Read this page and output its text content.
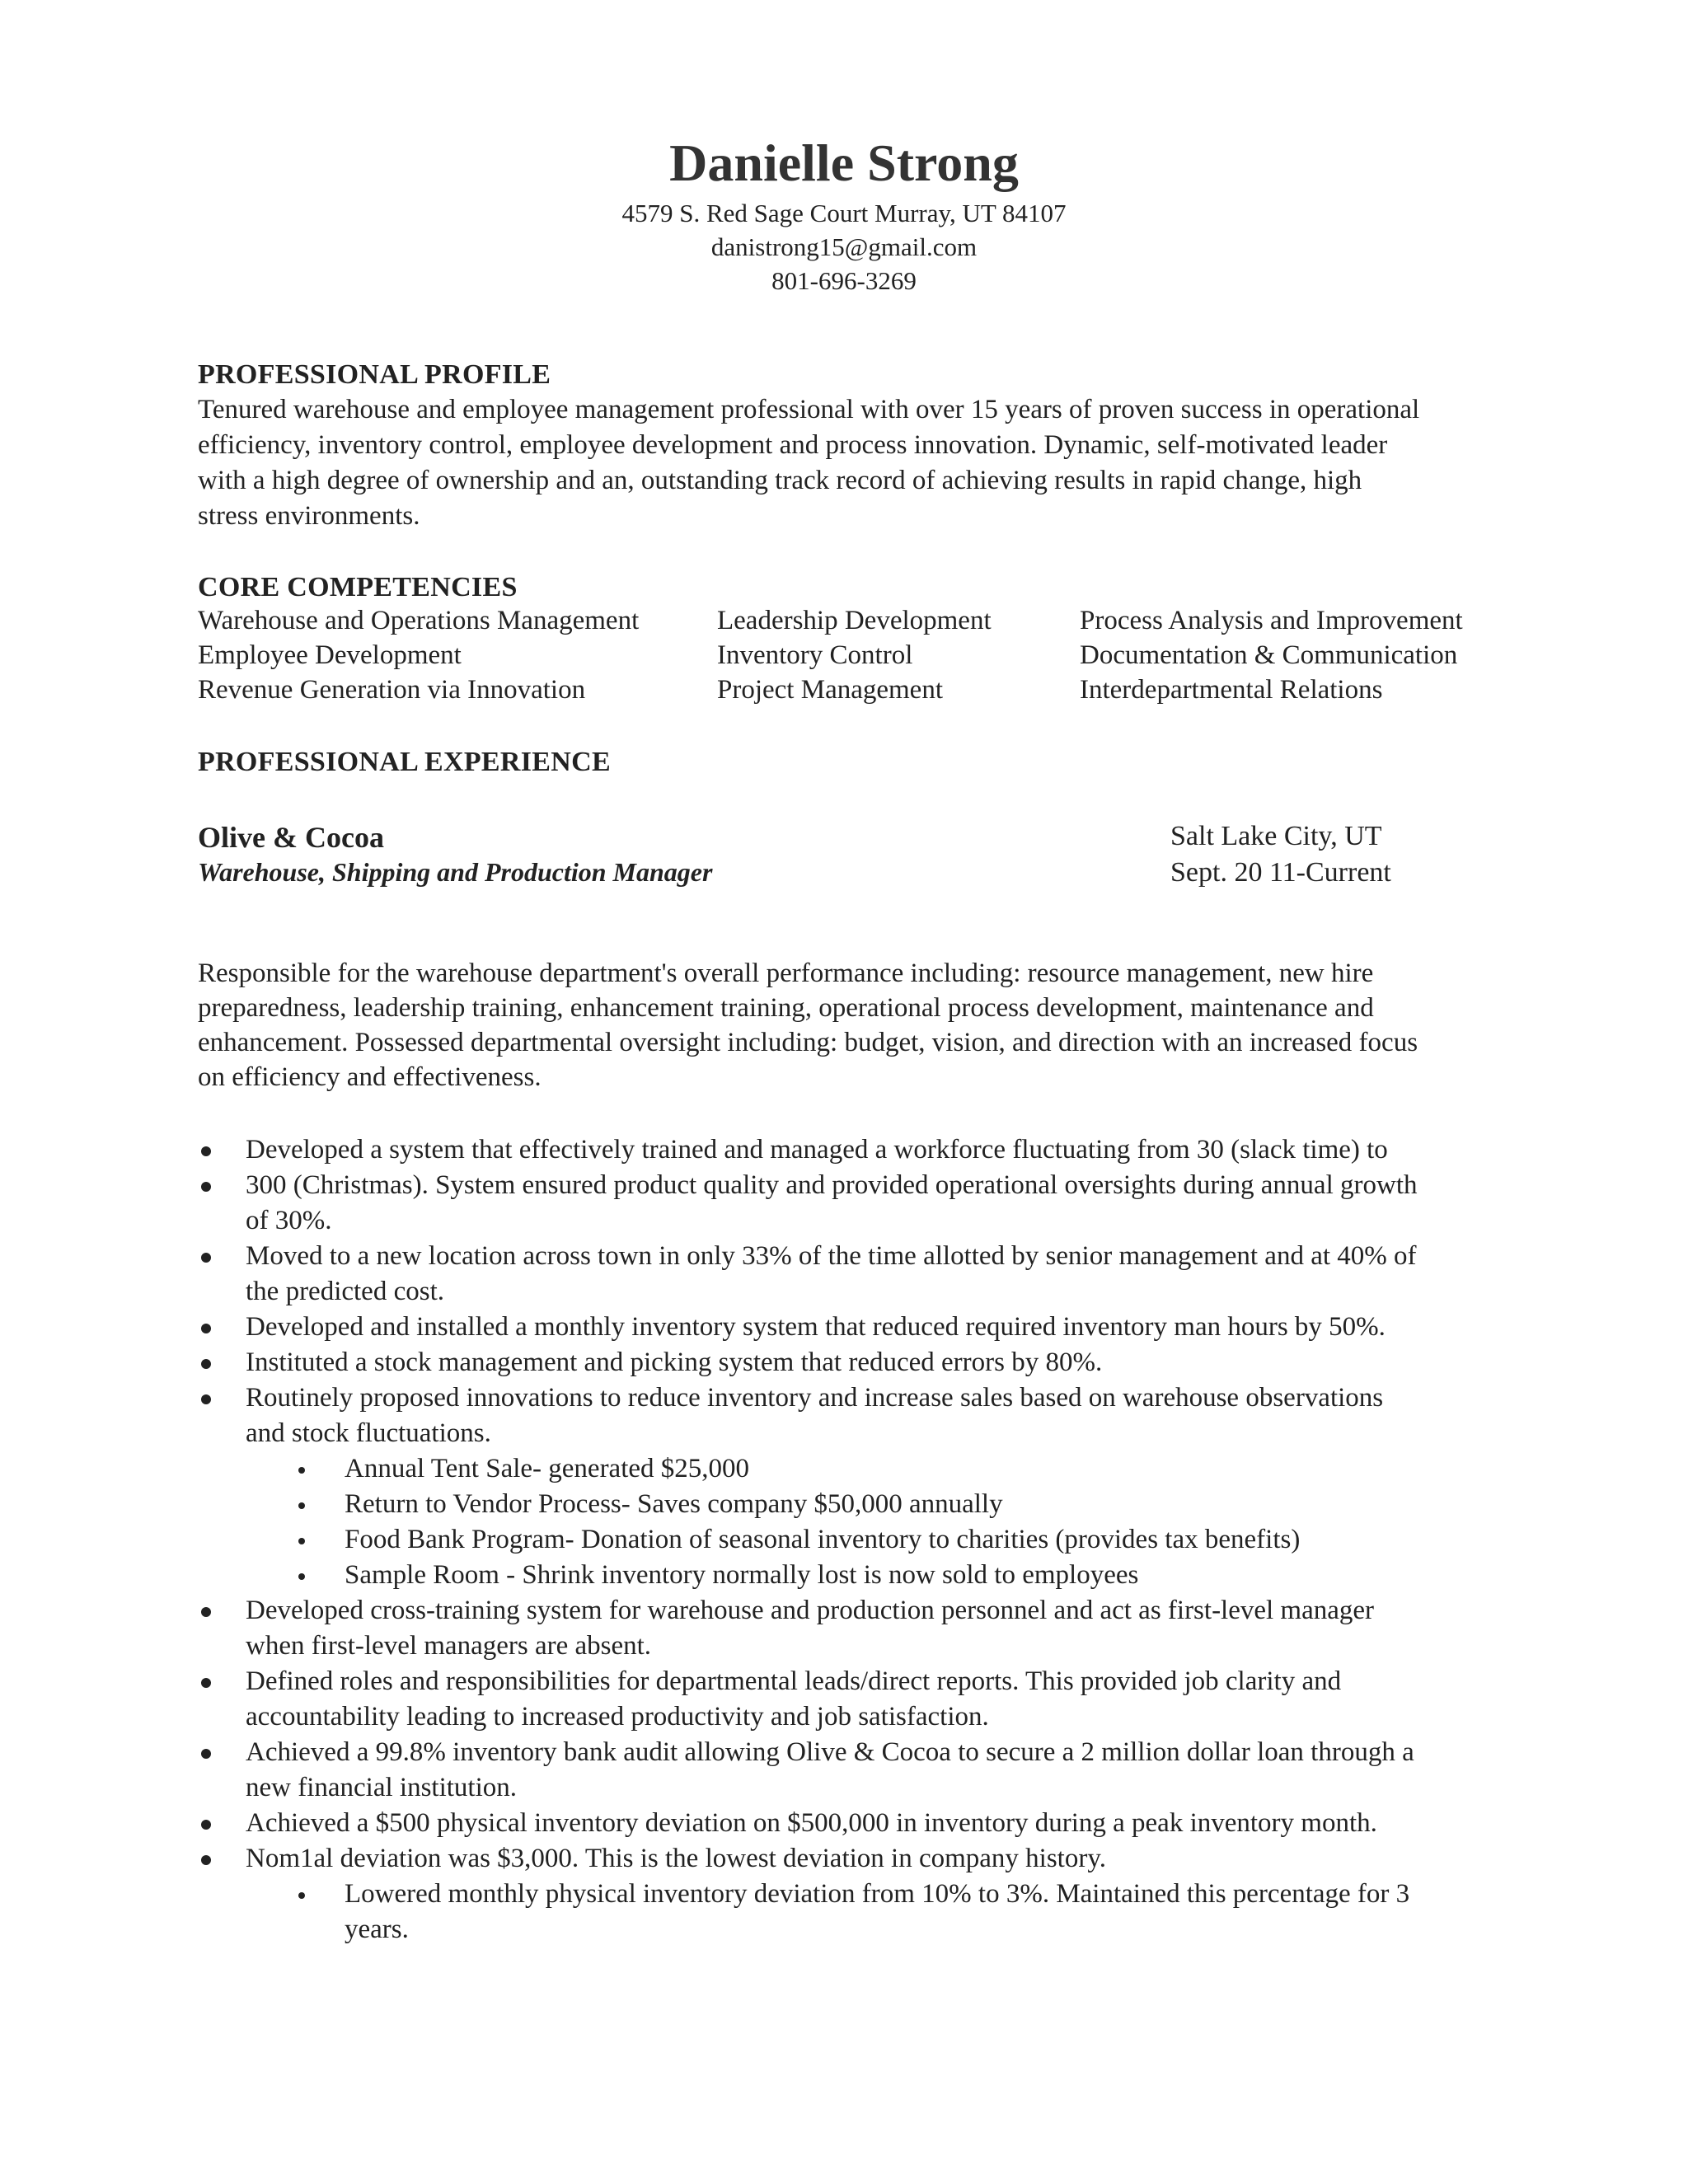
Danielle Strong
4579 S. Red Sage Court Murray, UT 84107
danistrong15@gmail.com
801-696-3269
PROFESSIONAL PROFILE
Tenured warehouse and employee management professional with over 15 years of proven success in operational
efficiency, inventory control, employee development and process innovation. Dynamic, self-motivated leader
with a high degree of ownership and an, outstanding track record of achieving results in rapid change, high
stress environments.
CORE COMPETENCIES
Warehouse and Operations Management	Leadership Development	Process Analysis and Improvement
Employee Development	Inventory Control	Documentation & Communication
Revenue Generation via Innovation	Project Management	Interdepartmental Relations
PROFESSIONAL EXPERIENCE
Olive & Cocoa	Salt Lake City, UT
Warehouse, Shipping and Production Manager	Sept. 20 11-Current
Responsible for the warehouse department's overall performance including: resource management, new hire
preparedness, leadership training, enhancement training, operational process development, maintenance and
enhancement. Possessed departmental oversight including: budget, vision, and direction with an increased focus
on efficiency and effectiveness.
Developed a system that effectively trained and managed a workforce fluctuating from 30 (slack time) to
300 (Christmas). System ensured product quality and provided operational oversights during annual growth
of 30%.
Moved to a new location across town in only 33% of the time allotted by senior management and at 40% of
the predicted cost.
Developed and installed a monthly inventory system that reduced required inventory man hours by 50%.
Instituted a stock management and picking system that reduced errors by 80%.
Routinely proposed innovations to reduce inventory and increase sales based on warehouse observations
and stock fluctuations.
Annual Tent Sale- generated $25,000
Return to Vendor Process- Saves company $50,000 annually
Food Bank Program- Donation of seasonal inventory to charities (provides tax benefits)
Sample Room - Shrink inventory normally lost is now sold to employees
Developed cross-training system for warehouse and production personnel and act as first-level manager
when first-level managers are absent.
Defined roles and responsibilities for departmental leads/direct reports. This provided job clarity and
accountability leading to increased productivity and job satisfaction.
Achieved a 99.8% inventory bank audit allowing Olive & Cocoa to secure a 2 million dollar loan through a
new financial institution.
Achieved a $500 physical inventory deviation on $500,000 in inventory during a peak inventory month.
Nom1al deviation was $3,000. This is the lowest deviation in company history.
Lowered monthly physical inventory deviation from 10% to 3%. Maintained this percentage for 3
years.
